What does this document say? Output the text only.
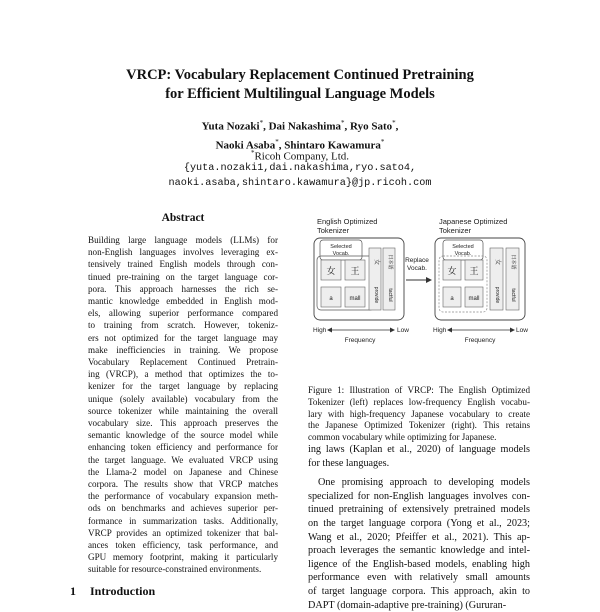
VRCP: Vocabulary Replacement Continued Pretraining
for Efficient Multilingual Language Models
Yuta Nozaki*, Dai Nakashima*, Ryo Sato*,
Naoki Asaba*, Shintaro Kawamura*
*Ricoh Company, Ltd.
{yuta.nozaki1,dai.nakashima,ryo.sato4,
naoki.asaba,shintaro.kawamura}@jp.ricoh.com
Abstract
Building large language models (LLMs) for
non-English languages involves leveraging ex-
tensively trained English models through con-
tinued pre-training on the target language cor-
pora. This approach harnesses the rich se-
mantic knowledge embedded in English mod-
els, allowing superior performance compared
to training from scratch. However, tokeniz-
ers not optimized for the target language may
make inefficiencies in training. We propose
Vocabulary Replacement Continued Pretrain-
ing (VRCP), a method that optimizes the to-
kenizer for the target language by replacing
unique (solely available) vocabulary from the
source tokenizer while maintaining the overall
vocabulary size. This approach preserves the
semantic knowledge of the source model while
enhancing token efficiency and performance for
the target language. We evaluated VRCP using
the Llama-2 model on Japanese and Chinese
corpora. The results show that VRCP matches
the performance of vocabulary expansion meth-
ods on benchmarks and achieves superior per-
formance in summarization tasks. Additionally,
VRCP provides an optimized tokenizer that bal-
ances token efficiency, task performance, and
GPU memory footprint, making it particularly
suitable for resource-constrained environments.
1 Introduction
English Optimized
Tokenizer
Japanese Optimized
Tokenizer
Selected
Vocab.
女 王
a	mall
女
provide
日本語
tactful
Replace
Vocab.
Selected
Vocab.
女 王
a mall
女
provide
日本語
tactful
High	Low
Frequency
High	Low
Frequency
Figure 1: Illustration of VRCP: The English Optimized
Tokenizer (left) replaces low-frequency English vocabu-
lary with high-frequency Japanese vocabulary to create
the Japanese Optimized Tokenizer (right). This retains
common vocabulary while optimizing for Japanese.
ing laws (Kaplan et al., 2020) of language models
for these languages.
One promising approach to developing models
specialized for non-English languages involves con-
tinued pretraining of extensively pretrained models
on the target language corpora (Yong et al., 2023;
Wang et al., 2020; Pfeiffer et al., 2021). This ap-
proach leverages the semantic knowledge and intel-
ligence of the English-based models, enabling high
performance even with relatively small amounts
of target language corpora. This approach, akin to
DAPT (domain-adaptive pre-training) (Gururan-
